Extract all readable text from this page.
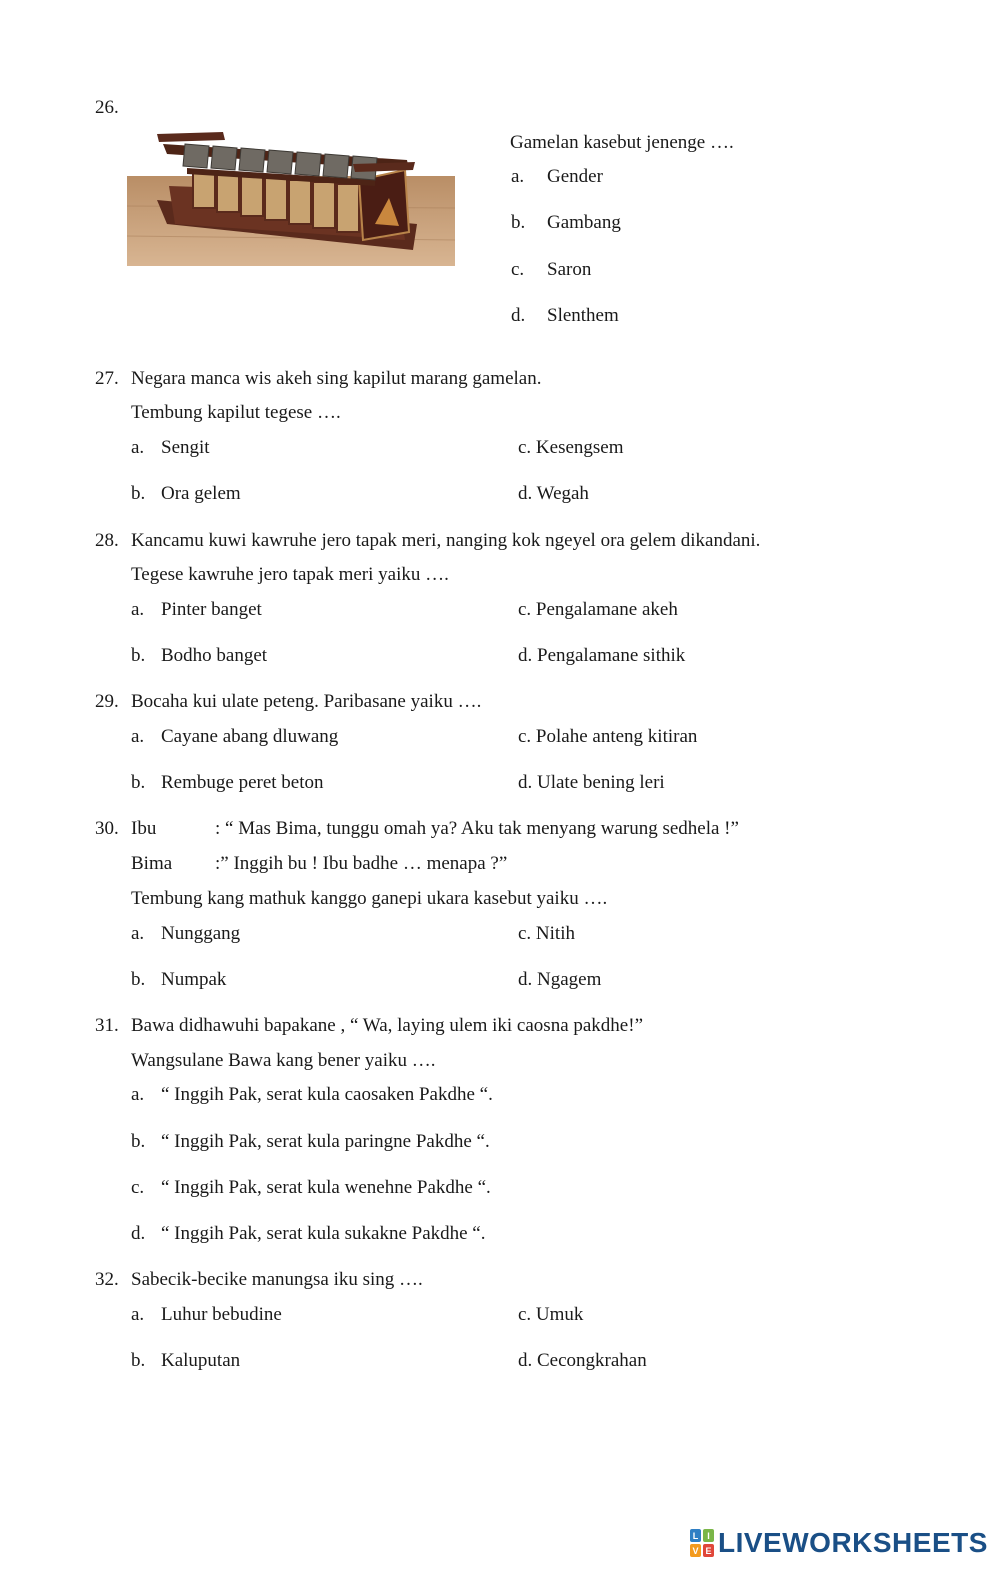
26.
Gamelan kasebut jenenge ….
a. Gender
b. Gambang
c. Saron
d. Slenthem
27. Negara manca wis akeh sing kapilut marang gamelan.
Tembung kapilut tegese ….
a. Sengit	c. Kesengsem
b. Ora gelem	d. Wegah
28. Kancamu kuwi kawruhe jero tapak meri, nanging kok ngeyel ora gelem dikandani.
Tegese kawruhe jero tapak meri yaiku ….
a. Pinter banget	c. Pengalamane akeh
b. Bodho banget	d. Pengalamane sithik
29. Bocaha kui ulate peteng. Paribasane yaiku ….
a. Cayane abang dluwang	c. Polahe anteng kitiran
b. Rembuge peret beton	d. Ulate bening leri
30. Ibu	: “ Mas Bima, tunggu omah ya? Aku tak menyang warung sedhela !”
Bima :” Inggih bu ! Ibu badhe … menapa ?”
Tembung kang mathuk kanggo ganepi ukara kasebut yaiku ….
a. Nunggang	c. Nitih
b. Numpak	d. Ngagem
31. Bawa didhawuhi bapakane , “ Wa, laying ulem iki caosna pakdhe!”
Wangsulane Bawa kang bener yaiku ….
a. “ Inggih Pak, serat kula caosaken Pakdhe “.
b. “ Inggih Pak, serat kula paringne Pakdhe “.
c. “ Inggih Pak, serat kula wenehne Pakdhe “.
d. “ Inggih Pak, serat kula sukakne Pakdhe “.
32. Sabecik-becike manungsa iku sing ….
a. Luhur bebudine	c. Umuk
b. Kaluputan	d. Cecongkrahan
L I
V E LIVEWORKSHEETS
